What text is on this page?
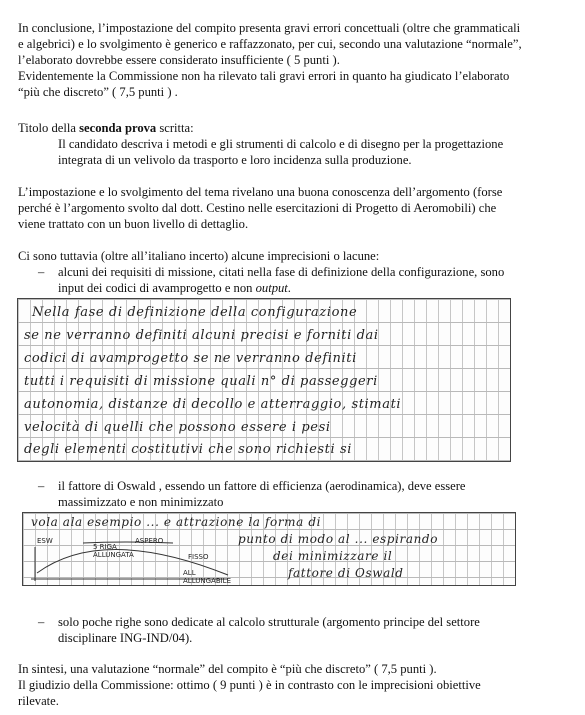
In conclusione, l’impostazione del compito presenta gravi errori concettuali (oltre che grammaticali
e algebrici) e lo svolgimento è generico e raffazzonato, per cui, secondo una valutazione “normale”,
l’elaborato dovrebbe essere considerato insufficiente ( 5 punti ).
Evidentemente la Commissione non ha rilevato tali gravi errori in quanto ha giudicato l’elaborato
“più che discreto” ( 7,5 punti ) .
Titolo della seconda prova scritta:
Il candidato descriva i metodi e gli strumenti di calcolo e di disegno per la progettazione
integrata di un velivolo da trasporto e loro incidenza sulla produzione.
L’impostazione e lo svolgimento del tema rivelano una buona conoscenza dell’argomento (forse
perché è l’argomento svolto dal dott. Cestino nelle esercitazioni di Progetto di Aeromobili) che
viene trattato con un buon livello di dettaglio.
Ci sono tuttavia (oltre all’italiano incerto) alcune imprecisioni o lacune:
– alcuni dei requisiti di missione, citati nella fase di definizione della configurazione, sono
input dei codici di avamprogetto e non output.
Nella fase di definizione della configurazione
se ne verranno definiti alcuni precisi e forniti dai
codici di avamprogetto se ne verranno definiti
tutti i requisiti di missione quali n° di passeggeri
autonomia, distanze di decollo e atterraggio, stimati
velocità di quelli che possono essere i pesi
degli elementi costitutivi che sono richiesti si
– il fattore di Oswald , essendo un fattore di efficienza (aerodinamica), deve essere
massimizzato e non minimizzato
vola ala esempio ... e attrazione la forma di
punto di modo al ... espirando
dei minimizzare il
fattore di Oswald
ESW
5 RIGA
ALLUNGATA
ASPERO
FISSO
ALL
ALLUNGABILE
– solo poche righe sono dedicate al calcolo strutturale (argomento principe del settore
disciplinare ING-IND/04).
In sintesi, una valutazione “normale” del compito è “più che discreto” ( 7,5 punti ).
Il giudizio della Commissione: ottimo ( 9 punti ) è in contrasto con le imprecisioni obiettive
rilevate.
